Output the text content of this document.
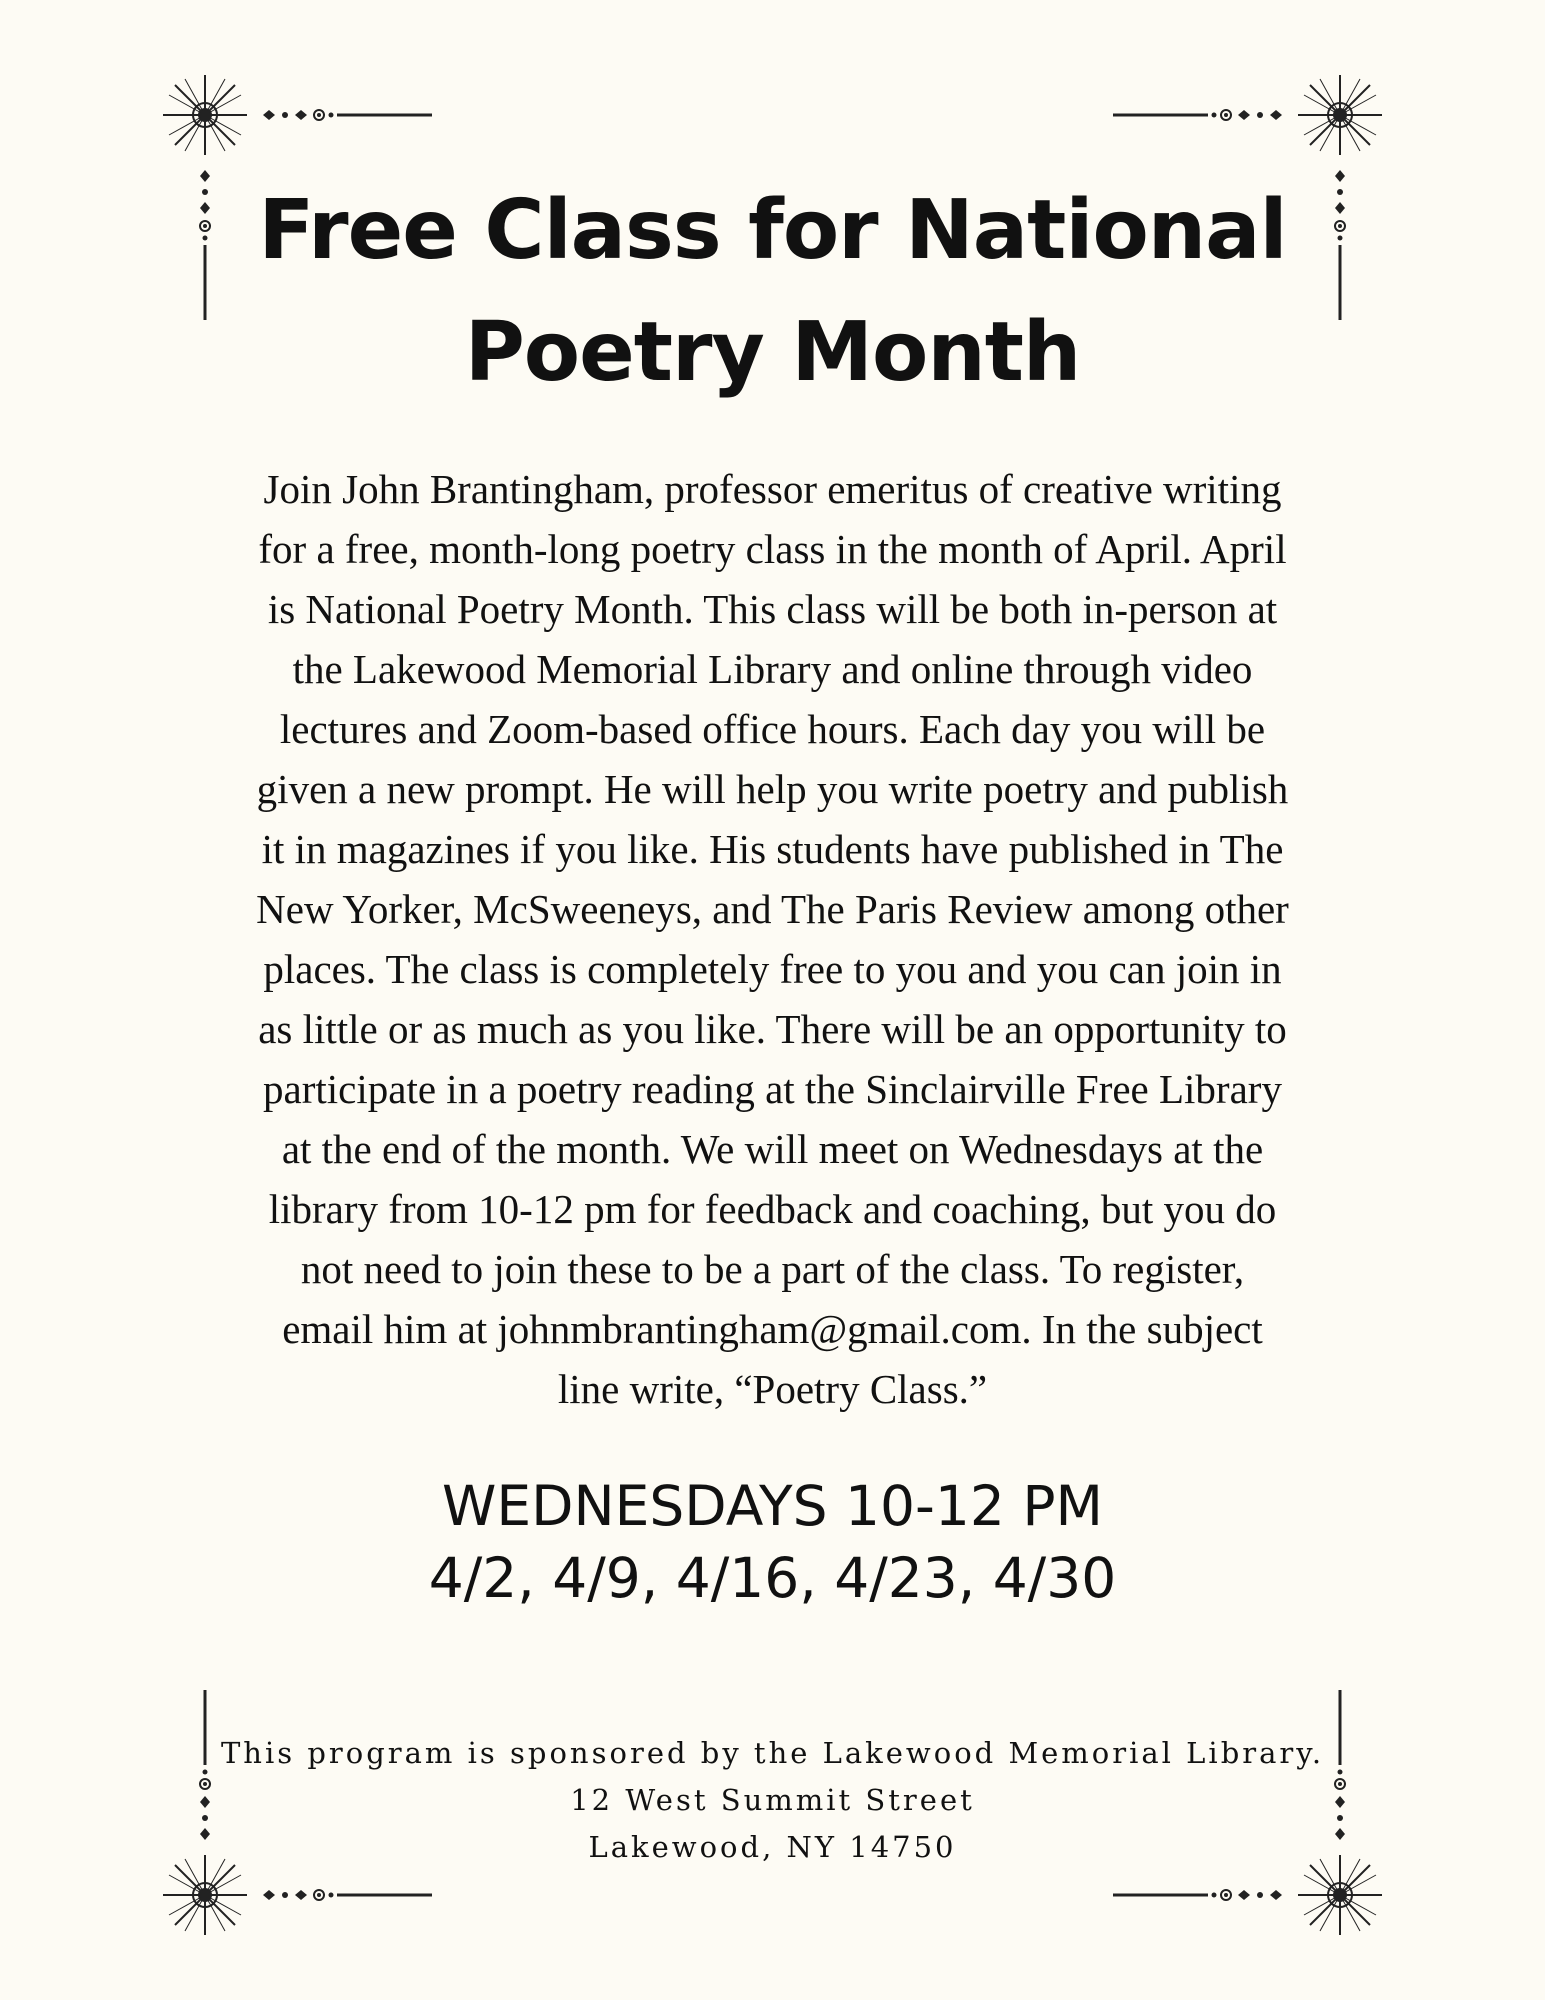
Free Class for National
Poetry Month

Join John Brantingham, professor emeritus of creative writing
for a free, month-long poetry class in the month of April. April
is National Poetry Month. This class will be both in-person at
the Lakewood Memorial Library and online through video
lectures and Zoom-based office hours. Each day you will be
given a new prompt. He will help you write poetry and publish
it in magazines if you like. His students have published in The
New Yorker, McSweeneys, and The Paris Review among other
places. The class is completely free to you and you can join in
as little or as much as you like. There will be an opportunity to
participate in a poetry reading at the Sinclairville Free Library
at the end of the month. We will meet on Wednesdays at the
library from 10-12 pm for feedback and coaching, but you do
not need to join these to be a part of the class. To register,
email him at johnmbrantingham@gmail.com. In the subject
line write, “Poetry Class.”

WEDNESDAYS 10-12 PM
4/2, 4/9, 4/16, 4/23, 4/30
This program is sponsored by the Lakewood Memorial Library.
12 West Summit Street
Lakewood, NY 14750
